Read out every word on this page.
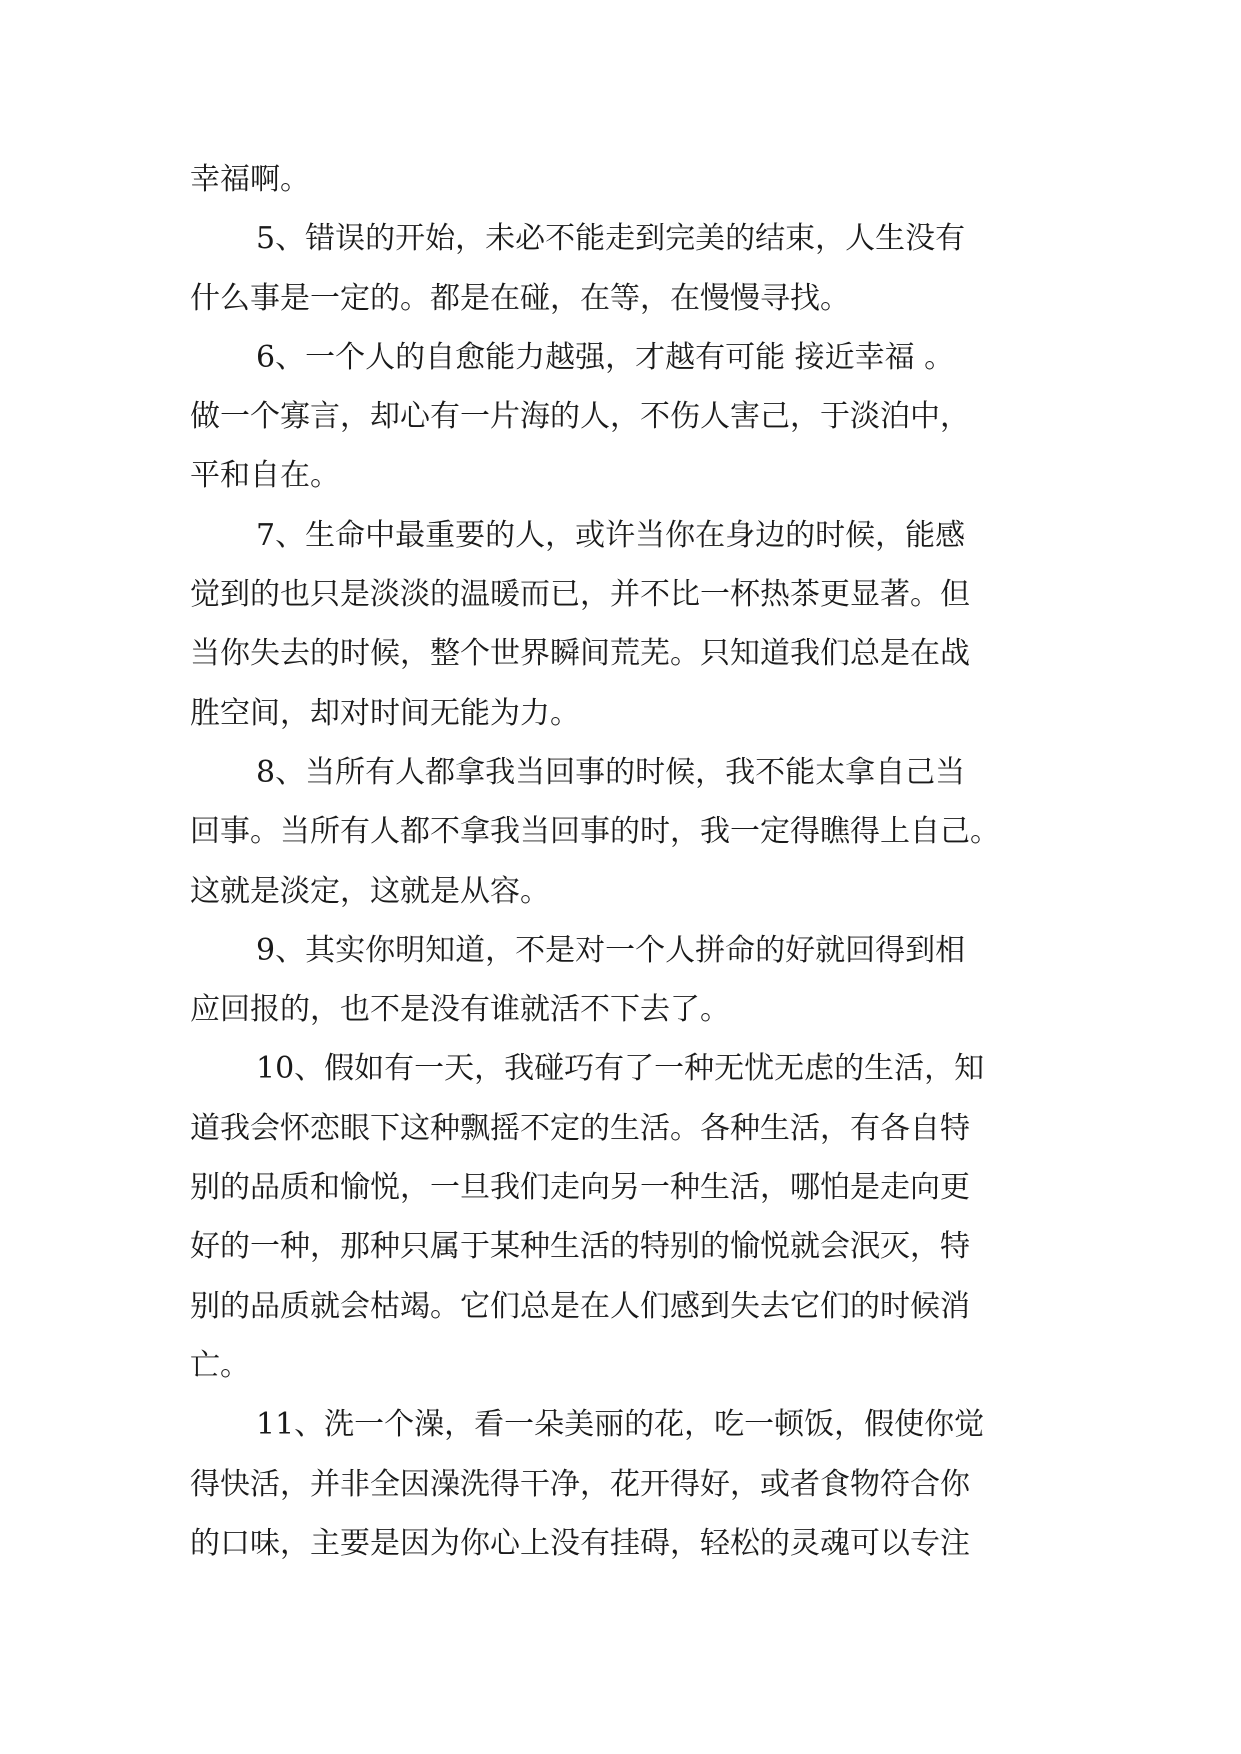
幸福啊。
5、错误的开始，未必不能走到完美的结束，人生没有
什么事是一定的。都是在碰，在等，在慢慢寻找。
6、一个人的自愈能力越强，才越有可能 接近幸福 。
做一个寡言，却心有一片海的人，不伤人害己，于淡泊中，
平和自在。
7、生命中最重要的人，或许当你在身边的时候，能感
觉到的也只是淡淡的温暖而已，并不比一杯热茶更显著。但
当你失去的时候，整个世界瞬间荒芜。只知道我们总是在战
胜空间，却对时间无能为力。
8、当所有人都拿我当回事的时候，我不能太拿自己当
回事。当所有人都不拿我当回事的时，我一定得瞧得上自己。
这就是淡定，这就是从容。
9、其实你明知道，不是对一个人拼命的好就回得到相
应回报的，也不是没有谁就活不下去了。
10、假如有一天，我碰巧有了一种无忧无虑的生活，知
道我会怀恋眼下这种飘摇不定的生活。各种生活，有各自特
别的品质和愉悦，一旦我们走向另一种生活，哪怕是走向更
好的一种，那种只属于某种生活的特别的愉悦就会泯灭，特
别的品质就会枯竭。它们总是在人们感到失去它们的时候消
亡。
11、洗一个澡，看一朵美丽的花，吃一顿饭，假使你觉
得快活，并非全因澡洗得干净，花开得好，或者食物符合你
的口味，主要是因为你心上没有挂碍，轻松的灵魂可以专注
